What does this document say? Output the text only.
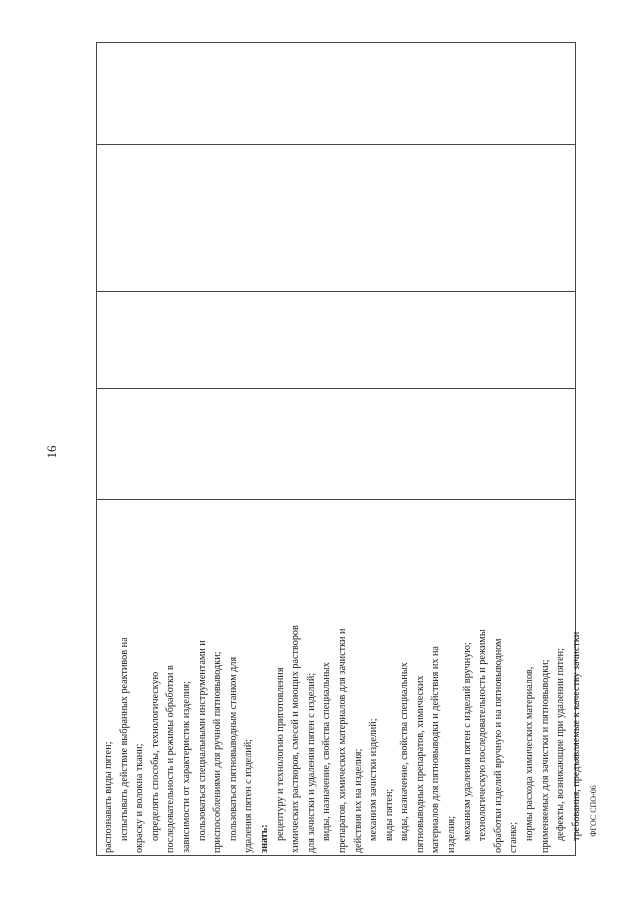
16
распознавать виды пятен; испытывать действие выбранных реактивов на окраску и волокна ткани; определять способы, технологическую последовательность и режимы обработки в зависимости от характеристик изделия; пользоваться специальными инструментами и приспособлениями для ручной пятновыводки; пользоваться пятновыводным станком для удаления пятен с изделий; знать: рецептуру и технологию приготовления химических растворов, смесей и моющих растворов для зачистки и удаления пятен с изделий; виды, назначение, свойства специальных препаратов, химических материалов для зачистки и действия их на изделия; механизм зачистки изделий; виды пятен; виды, назначение, свойства специальных пятновыводных препаратов, химических материалов для пятновыводки и действия их на изделия; механизм удаления пятен с изделий вручную; технологическую последовательность и режимы обработки изделий вручную и на пятновыводном станке; нормы расхода химических материалов, применяемых для зачистки и пятновыводки; дефекты, возникающие при удалении пятен; требования, предъявляемые к качеству зачистки ФГОС СПО-06
